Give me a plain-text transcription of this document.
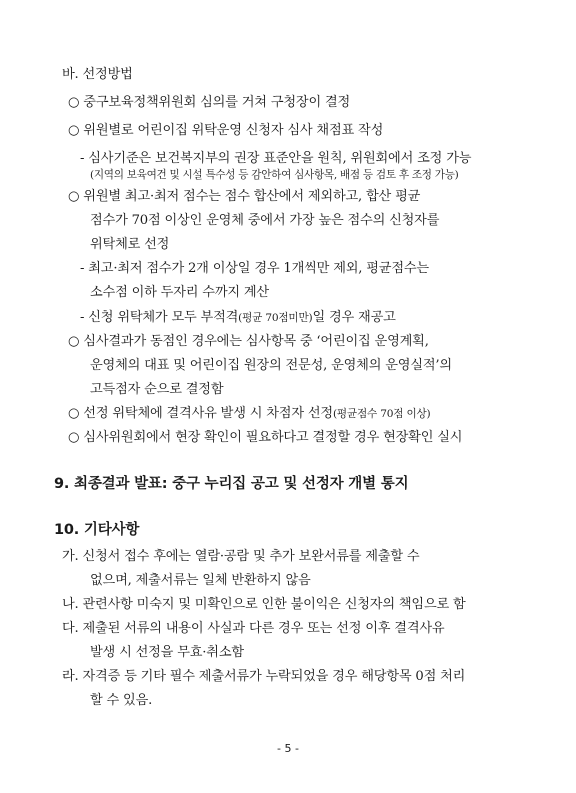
바. 선정방법
○ 중구보육정책위원회 심의를 거쳐 구청장이 결정
○ 위원별로 어린이집 위탁운영 신청자 심사 채점표 작성
- 심사기준은 보건복지부의 권장 표준안을 원칙, 위원회에서 조정 가능
(지역의 보육여건 및 시설 특수성 등 감안하여 심사항목, 배점 등 검토 후 조정 가능)
○ 위원별 최고·최저 점수는 점수 합산에서 제외하고, 합산 평균
점수가 70점 이상인 운영체 중에서 가장 높은 점수의 신청자를
위탁체로 선정
- 최고·최저 점수가 2개 이상일 경우 1개씩만 제외, 평균점수는
소수점 이하 두자리 수까지 계산
- 신청 위탁체가 모두 부적격(평균 70점미만)일 경우 재공고
○ 심사결과가 동점인 경우에는 심사항목 중 ‘어린이집 운영계획,
운영체의 대표 및 어린이집 원장의 전문성, 운영체의 운영실적’의
고득점자 순으로 결정함
○ 선정 위탁체에 결격사유 발생 시 차점자 선정(평균점수 70점 이상)
○ 심사위원회에서 현장 확인이 필요하다고 결정할 경우 현장확인 실시
9. 최종결과 발표: 중구 누리집 공고 및 선정자 개별 통지
10. 기타사항
가. 신청서 접수 후에는 열람·공람 및 추가 보완서류를 제출할 수
없으며, 제출서류는 일체 반환하지 않음
나. 관련사항 미숙지 및 미확인으로 인한 불이익은 신청자의 책임으로 함
다. 제출된 서류의 내용이 사실과 다른 경우 또는 선정 이후 결격사유
발생 시 선정을 무효·취소함
라. 자격증 등 기타 필수 제출서류가 누락되었을 경우 해당항목 0점 처리
할 수 있음.
- 5 -
